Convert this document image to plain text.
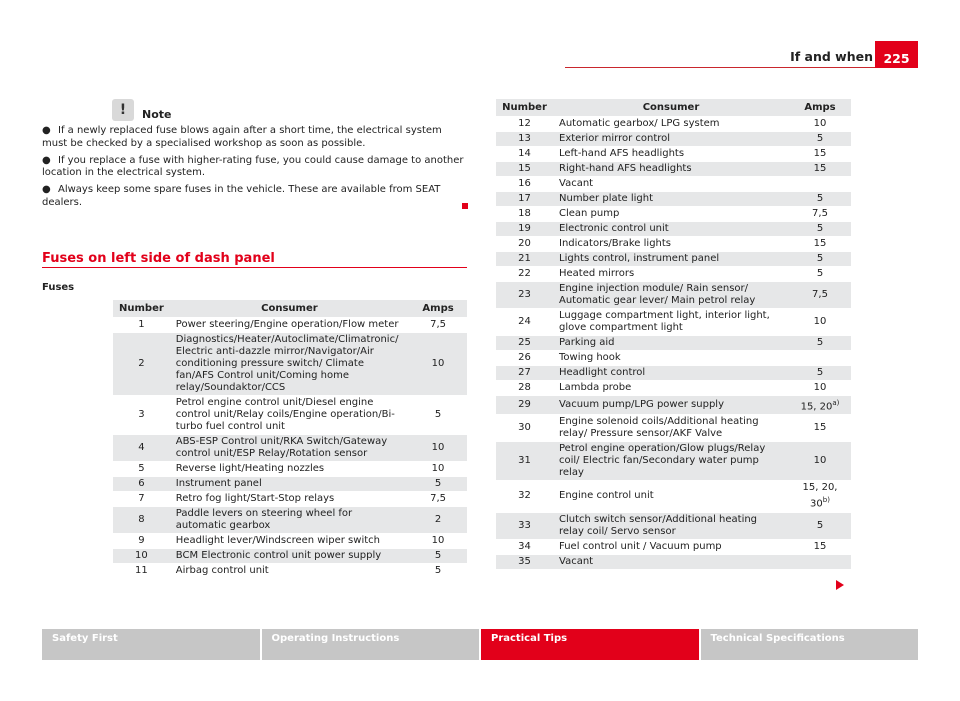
If and when 225
!	Note
● If a newly replaced fuse blows again after a short time, the electrical system must be checked by a specialised workshop as soon as possible.
● If you replace a fuse with higher-rating fuse, you could cause damage to another location in the electrical system.
● Always keep some spare fuses in the vehicle. These are available from SEAT dealers.
Fuses on left side of dash panel
Fuses
Number	Consumer	Amps
1	Power steering/Engine operation/Flow meter	7,5
2	Diagnostics/Heater/Autoclimate/Climatronic/ Electric anti-dazzle mirror/Navigator/Air conditioning pressure switch/ Climate fan/AFS Control unit/Coming home relay/Soundaktor/CCS	10
3	Petrol engine control unit/Diesel engine control unit/Relay coils/Engine operation/Bi-turbo fuel control unit	5
4	ABS-ESP Control unit/RKA Switch/Gateway control unit/ESP Relay/Rotation sensor	10
5	Reverse light/Heating nozzles	10
6	Instrument panel	5
7	Retro fog light/Start-Stop relays	7,5
8	Paddle levers on steering wheel for automatic gearbox	2
9	Headlight lever/Windscreen wiper switch	10
10	BCM Electronic control unit power supply	5
11	Airbag control unit	5
Number	Consumer	Amps
12	Automatic gearbox/ LPG system	10
13	Exterior mirror control	5
14	Left-hand AFS headlights	15
15	Right-hand AFS headlights	15
16	Vacant	
17	Number plate light	5
18	Clean pump	7,5
19	Electronic control unit	5
20	Indicators/Brake lights	15
21	Lights control, instrument panel	5
22	Heated mirrors	5
23	Engine injection module/ Rain sensor/ Automatic gear lever/ Main petrol relay	7,5
24	Luggage compartment light, interior light, glove compartment light	10
25	Parking aid	5
26	Towing hook	
27	Headlight control	5
28	Lambda probe	10
29	Vacuum pump/LPG power supply	15, 20$^{a)}$
30	Engine solenoid coils/Additional heating relay/ Pressure sensor/AKF Valve	15
31	Petrol engine operation/Glow plugs/Relay coil/ Electric fan/Secondary water pump relay	10
32	Engine control unit	15, 20, 30$^{b)}$
33	Clutch switch sensor/Additional heating relay coil/ Servo sensor	5
34	Fuel control unit / Vacuum pump	15
35	Vacant	
Safety First	Operating Instructions	Practical Tips	Technical Specifications
